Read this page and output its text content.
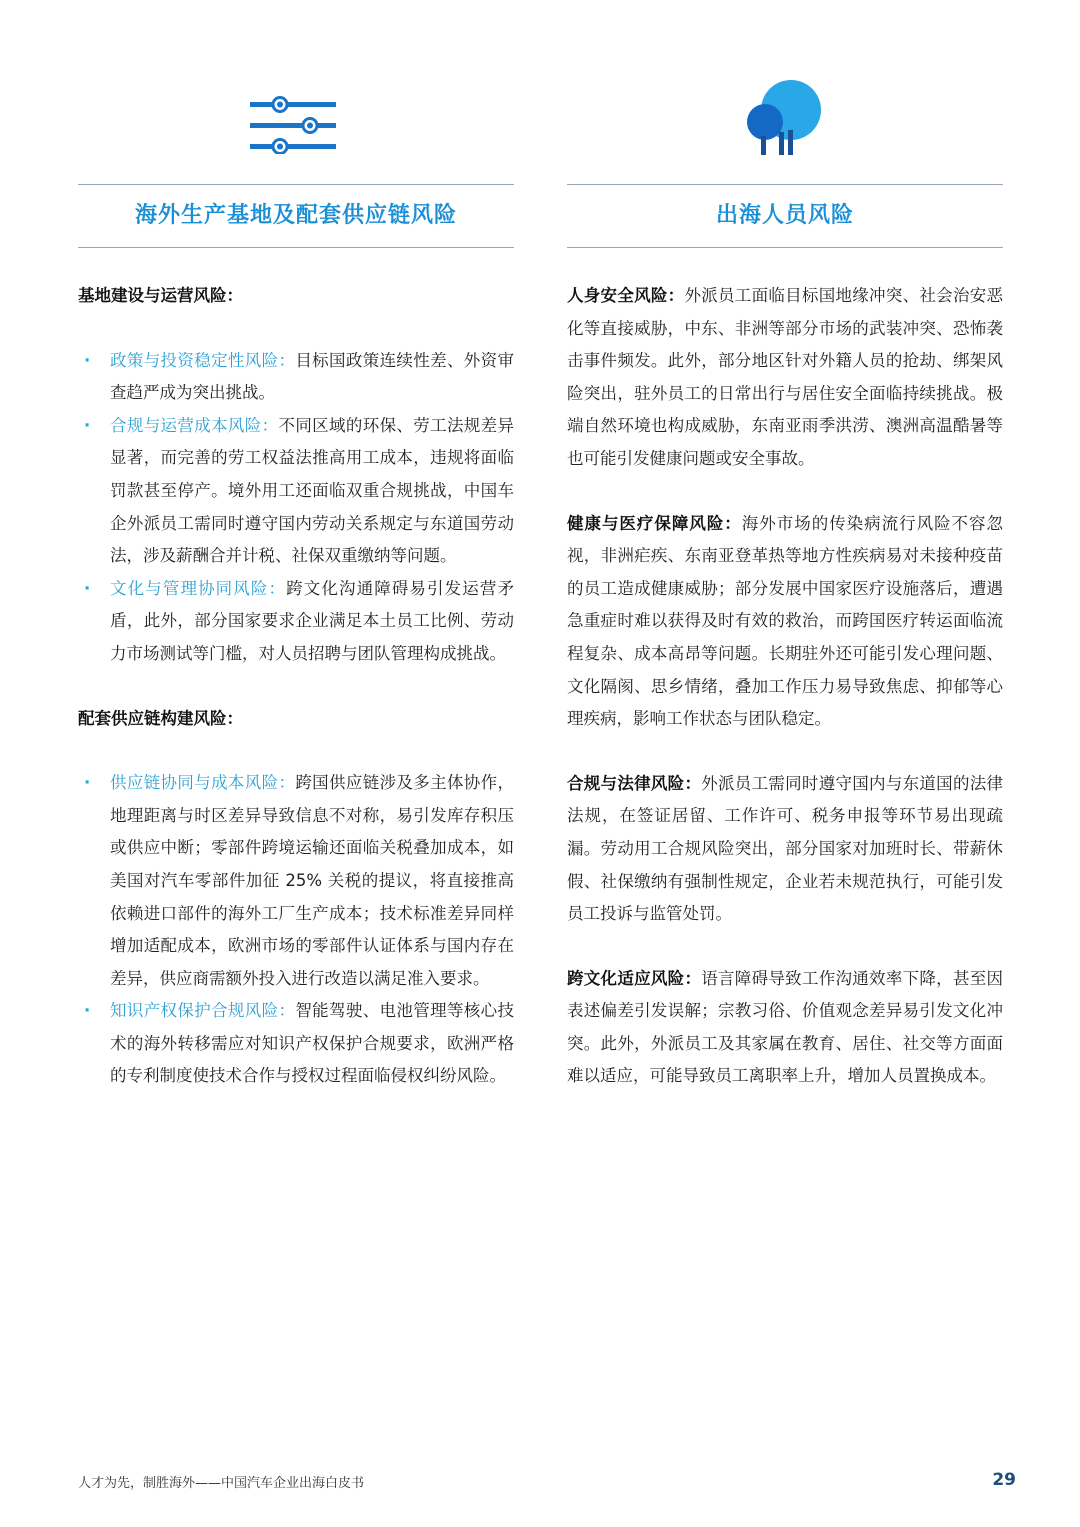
海外生产基地及配套供应链风险

基地建设与运营风险：

· 政策与投资稳定性风险：目标国政策连续性差、外资审查趋严成为突出挑战。

· 合规与运营成本风险：不同区域的环保、劳工法规差异显著，而完善的劳工权益法推高用工成本，违规将面临罚款甚至停产。境外用工还面临双重合规挑战，中国车企外派员工需同时遵守国内劳动关系规定与东道国劳动法，涉及薪酬合并计税、社保双重缴纳等问题。

· 文化与管理协同风险：跨文化沟通障碍易引发运营矛盾，此外，部分国家要求企业满足本土员工比例、劳动力市场测试等门槛，对人员招聘与团队管理构成挑战。

配套供应链构建风险：

· 供应链协同与成本风险：跨国供应链涉及多主体协作，地理距离与时区差异导致信息不对称，易引发库存积压或供应中断；零部件跨境运输还面临关税叠加成本，如美国对汽车零部件加征 25% 关税的提议，将直接推高依赖进口部件的海外工厂生产成本；技术标准差异同样增加适配成本，欧洲市场的零部件认证体系与国内存在差异，供应商需额外投入进行改造以满足准入要求。

· 知识产权保护合规风险：智能驾驶、电池管理等核心技术的海外转移需应对知识产权保护合规要求，欧洲严格的专利制度使技术合作与授权过程面临侵权纠纷风险。

出海人员风险

人身安全风险：外派员工面临目标国地缘冲突、社会治安恶化等直接威胁，中东、非洲等部分市场的武装冲突、恐怖袭击事件频发。此外，部分地区针对外籍人员的抢劫、绑架风险突出，驻外员工的日常出行与居住安全面临持续挑战。极端自然环境也构成威胁，东南亚雨季洪涝、澳洲高温酷暑等也可能引发健康问题或安全事故。

健康与医疗保障风险：海外市场的传染病流行风险不容忽视，非洲疟疾、东南亚登革热等地方性疾病易对未接种疫苗的员工造成健康威胁；部分发展中国家医疗设施落后，遭遇急重症时难以获得及时有效的救治，而跨国医疗转运面临流程复杂、成本高昂等问题。长期驻外还可能引发心理问题、文化隔阂、思乡情绪，叠加工作压力易导致焦虑、抑郁等心理疾病，影响工作状态与团队稳定。

合规与法律风险：外派员工需同时遵守国内与东道国的法律法规，在签证居留、工作许可、税务申报等环节易出现疏漏。劳动用工合规风险突出，部分国家对加班时长、带薪休假、社保缴纳有强制性规定，企业若未规范执行，可能引发员工投诉与监管处罚。

跨文化适应风险：语言障碍导致工作沟通效率下降，甚至因表述偏差引发误解；宗教习俗、价值观念差异易引发文化冲突。此外，外派员工及其家属在教育、居住、社交等方面面难以适应，可能导致员工离职率上升，增加人员置换成本。

人才为先，制胜海外——中国汽车企业出海白皮书	29
